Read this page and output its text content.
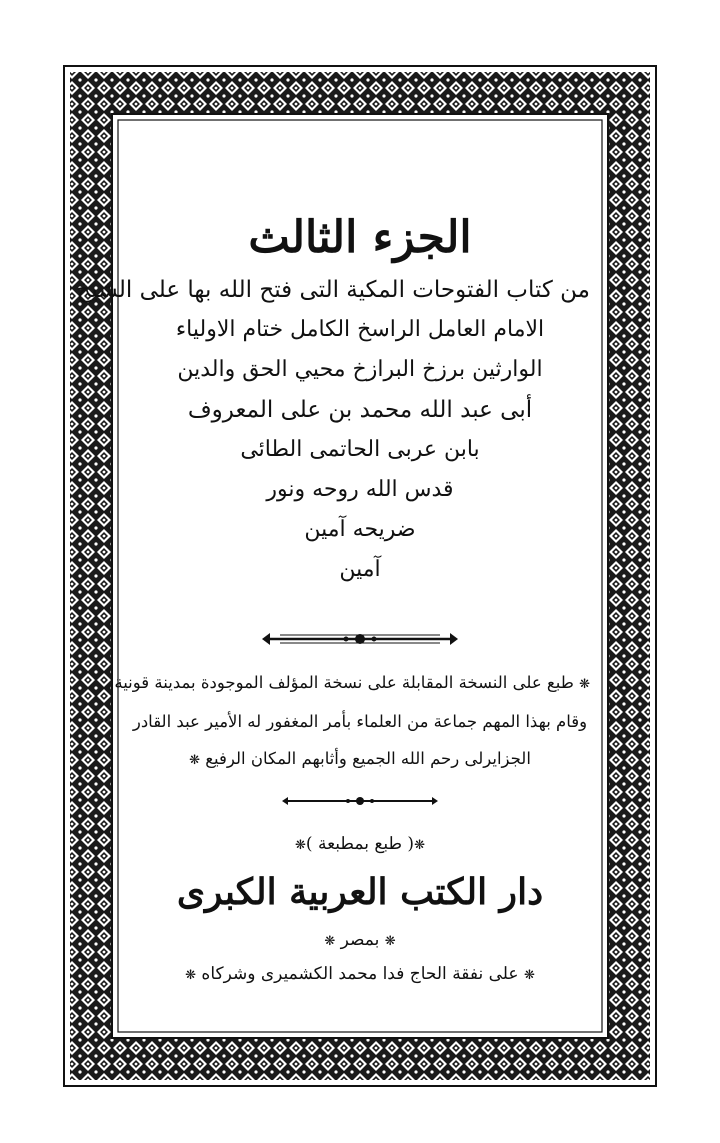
الجزء الثالث
من كتاب الفتوحات المكية التى فتح الله بها على الشيخ
الامام العامل الراسخ الكامل ختام الاولياء
الوارثين برزخ البرازخ محيي الحق والدين
أبى عبد الله محمد بن على المعروف
بابن عربى الحاتمى الطائى
قدس الله روحه ونور
ضريحه آمين
آمين
❋ طبع على النسخة المقابلة على نسخة المؤلف الموجودة بمدينة قونية
وقام بهذا المهم جماعة من العلماء بأمر المغفور له الأمير عبد القادر
الجزايرلى رحم الله الجميع وأثابهم المكان الرفيع ❋
❋( طبع بمطبعة )❋
دار الكتب العربية الكبرى
❋ بمصر ❋
❋ على نفقة الحاج فدا محمد الكشميرى وشركاه ❋
